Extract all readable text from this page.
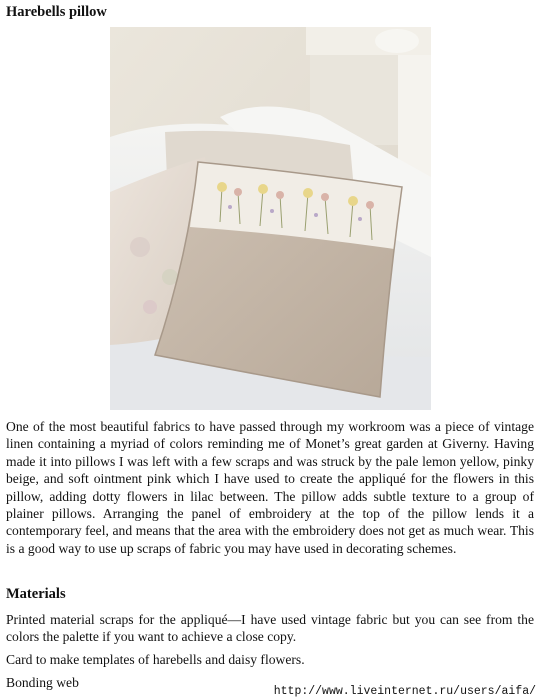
Harebells pillow

One of the most beautiful fabrics to have passed through my workroom was a piece of vintage linen containing a myriad of colors reminding me of Monet’s great garden at Giverny. Having made it into pillows I was left with a few scraps and was struck by the pale lemon yellow, pinky beige, and soft ointment pink which I have used to create the appliqué for the flowers in this pillow, adding dotty flowers in lilac between. The pillow adds subtle texture to a group of plainer pillows. Arranging the panel of embroidery at the top of the pillow lends it a contemporary feel, and means that the area with the embroidery does not get as much wear. This is a good way to use up scraps of fabric you may have used in decorating schemes.

Materials

Printed material scraps for the appliqué—I have used vintage fabric but you can see from the colors the palette if you want to achieve a close copy.

Card to make templates of harebells and daisy flowers.

Bonding web

http://www.liveinternet.ru/users/aifa/
